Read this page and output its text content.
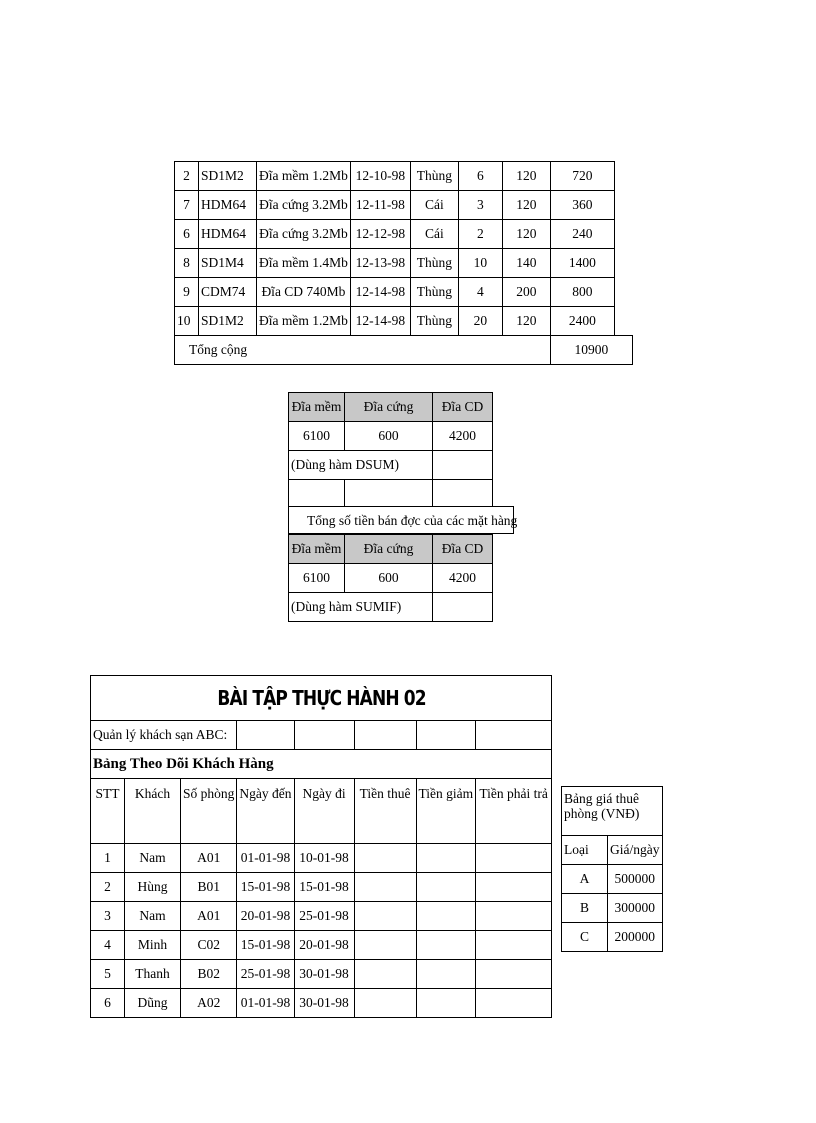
2	SD1M2	Đĩa mềm 1.2Mb	12-10-98	Thùng	6	120	720	
7	HDM64	Đĩa cứng 3.2Mb	12-11-98	Cái	3	120	360	
6	HDM64	Đĩa cứng 3.2Mb	12-12-98	Cái	2	120	240	
8	SD1M4	Đĩa mềm 1.4Mb	12-13-98	Thùng	10	140	1400	
9	CDM74	Đĩa CD 740Mb	12-14-98	Thùng	4	200	800	
10	SD1M2	Đĩa mềm 1.2Mb	12-14-98	Thùng	20	120	2400	
Tổng cộng							10900	
Đĩa mềm	Đĩa cứng	Đĩa CD
6100	600	4200
(Dùng hàm DSUM)		

Tổng số tiền bán đợc của các mặt hàng
Đĩa mềm	Đĩa cứng	Đĩa CD
6100	600	4200
(Dùng hàm SUMIF)		
BÀI TẬP THỰC HÀNH 02							
Quản lý khách sạn ABC:							
Bảng Theo Dõi Khách Hàng							
STT	Khách	Số phòng	Ngày đến	Ngày đi	Tiền thuê	Tiền giảm	Tiền phải trả
1	Nam	A01	01-01-98	10-01-98			
2	Hùng	B01	15-01-98	15-01-98			
3	Nam	A01	20-01-98	25-01-98			
4	Minh	C02	15-01-98	20-01-98			
5	Thanh	B02	25-01-98	30-01-98			
6	Dũng	A02	01-01-98	30-01-98			
Bảng giá thuê phòng (VNĐ)	
Loại	Giá/ngày
A	500000
B	300000
C	200000
